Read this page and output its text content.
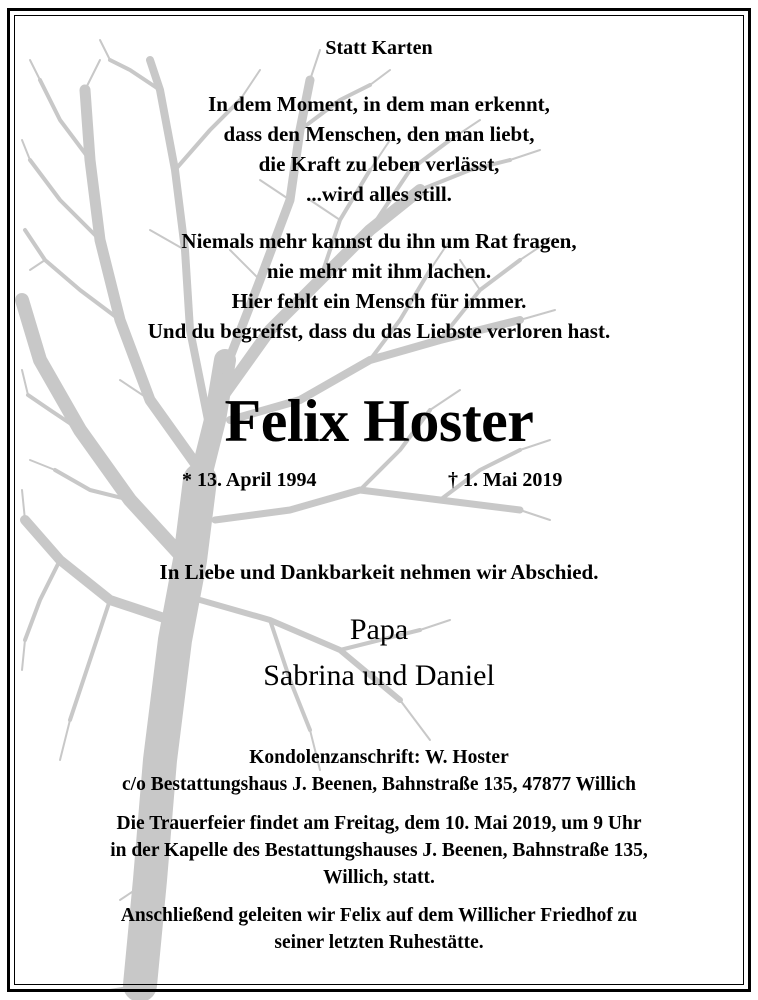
Statt Karten
In dem Moment, in dem man erkennt,
dass den Menschen, den man liebt,
die Kraft zu leben verlässt,
...wird alles still.
Niemals mehr kannst du ihn um Rat fragen,
nie mehr mit ihm lachen.
Hier fehlt ein Mensch für immer.
Und du begreifst, dass du das Liebste verloren hast.
Felix Hoster
* 13. April 1994	† 1. Mai 2019
In Liebe und Dankbarkeit nehmen wir Abschied.
Papa
Sabrina und Daniel
Kondolenzanschrift: W. Hoster
c/o Bestattungshaus J. Beenen, Bahnstraße 135, 47877 Willich
Die Trauerfeier findet am Freitag, dem 10. Mai 2019, um 9 Uhr
in der Kapelle des Bestattungshauses J. Beenen, Bahnstraße 135,
Willich, statt.
Anschließend geleiten wir Felix auf dem Willicher Friedhof zu
seiner letzten Ruhestätte.
